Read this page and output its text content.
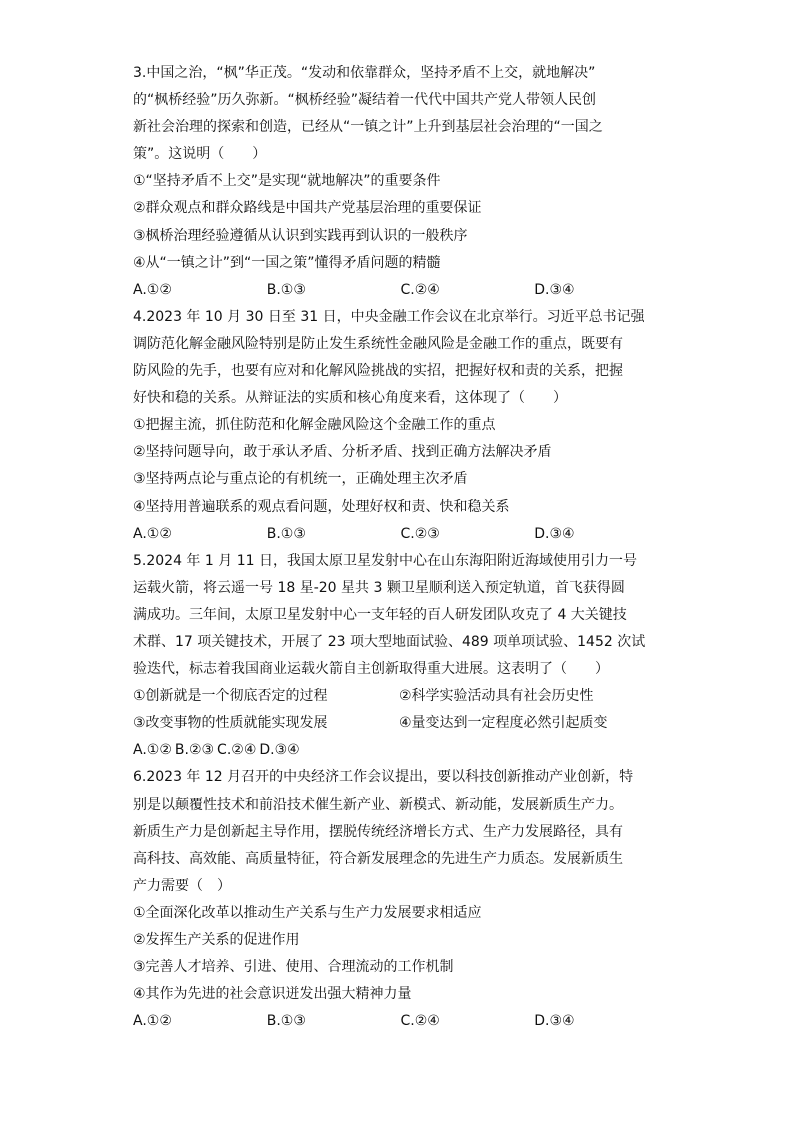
3.中国之治，“枫”华正茂。“发动和依靠群众，坚持矛盾不上交，就地解决”
的“枫桥经验”历久弥新。“枫桥经验”凝结着一代代中国共产党人带领人民创
新社会治理的探索和创造，已经从“一镇之计”上升到基层社会治理的“一国之
策”。这说明（　　）
①“坚持矛盾不上交”是实现“就地解决”的重要条件
②群众观点和群众路线是中国共产党基层治理的重要保证
③枫桥治理经验遵循从认识到实践再到认识的一般秩序
④从“一镇之计”到“一国之策”懂得矛盾问题的精髓
A.①②	B.①③	C.②④	D.③④
4.2023 年 10 月 30 日至 31 日，中央金融工作会议在北京举行。习近平总书记强
调防范化解金融风险特别是防止发生系统性金融风险是金融工作的重点，既要有
防风险的先手，也要有应对和化解风险挑战的实招，把握好权和责的关系，把握
好快和稳的关系。从辩证法的实质和核心角度来看，这体现了（　　）
①把握主流，抓住防范和化解金融风险这个金融工作的重点
②坚持问题导向，敢于承认矛盾、分析矛盾、找到正确方法解决矛盾
③坚持两点论与重点论的有机统一，正确处理主次矛盾
④坚持用普遍联系的观点看问题，处理好权和责、快和稳关系
A.①②	B.①③	C.②③	D.③④
5.2024 年 1 月 11 日，我国太原卫星发射中心在山东海阳附近海域使用引力一号
运载火箭，将云遥一号 18 星-20 星共 3 颗卫星顺利送入预定轨道，首飞获得圆
满成功。三年间，太原卫星发射中心一支年轻的百人研发团队攻克了 4 大关键技
术群、17 项关键技术，开展了 23 项大型地面试验、489 项单项试验、1452 次试
验迭代，标志着我国商业运载火箭自主创新取得重大进展。这表明了（　　）
①创新就是一个彻底否定的过程	②科学实验活动具有社会历史性
③改变事物的性质就能实现发展	④量变达到一定程度必然引起质变
A.①② B.②③ C.②④ D.③④
6.2023 年 12 月召开的中央经济工作会议提出，要以科技创新推动产业创新，特
别是以颠覆性技术和前沿技术催生新产业、新模式、新动能，发展新质生产力。
新质生产力是创新起主导作用，摆脱传统经济增长方式、生产力发展路径，具有
高科技、高效能、高质量特征，符合新发展理念的先进生产力质态。发展新质生
产力需要（　）
①全面深化改革以推动生产关系与生产力发展要求相适应
②发挥生产关系的促进作用
③完善人才培养、引进、使用、合理流动的工作机制
④其作为先进的社会意识迸发出强大精神力量
A.①②	B.①③	C.②④	D.③④
